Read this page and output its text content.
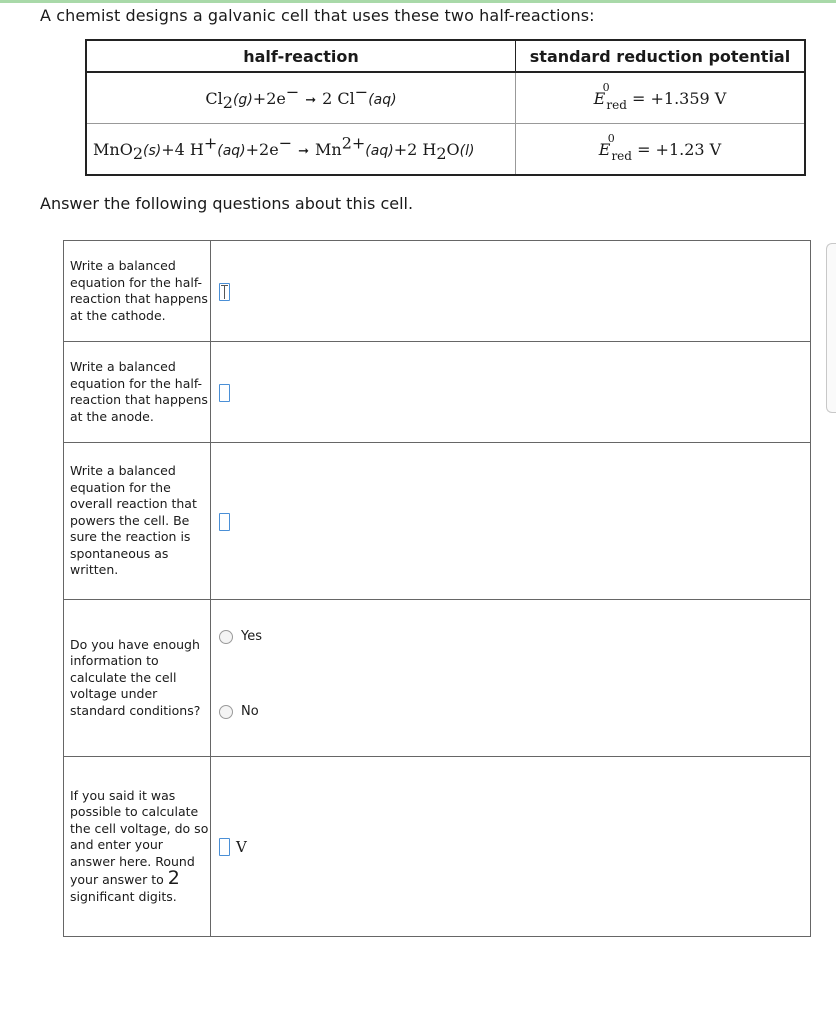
A chemist designs a galvanic cell that uses these two half-reactions:
half-reaction	standard reduction potential
$Cl_2(g)+2e^-$ ➞ 2 Cl−(aq)	E
0
$_{red}$ = +1.359 V
MnO$_2$(s)+4 H+(aq)+2e− ➞ $Mn^{2+}(aq)+2$ $H_2O(l)$	E
0
$_{red}$ = +1.23 V
Answer the following questions about this cell.
Write a balanced equation for the half-reaction that happens at the cathode.	
Write a balanced equation for the half-reaction that happens at the anode.	
Write a balanced equation for the overall reaction that powers the cell. Be sure the reaction is spontaneous as written.	
Do you have enough information to calculate the cell voltage under standard conditions?	Yes
No

If you said it was possible to calculate the cell voltage, do so and enter your answer here. Round your answer to 2
significant digits.	V
